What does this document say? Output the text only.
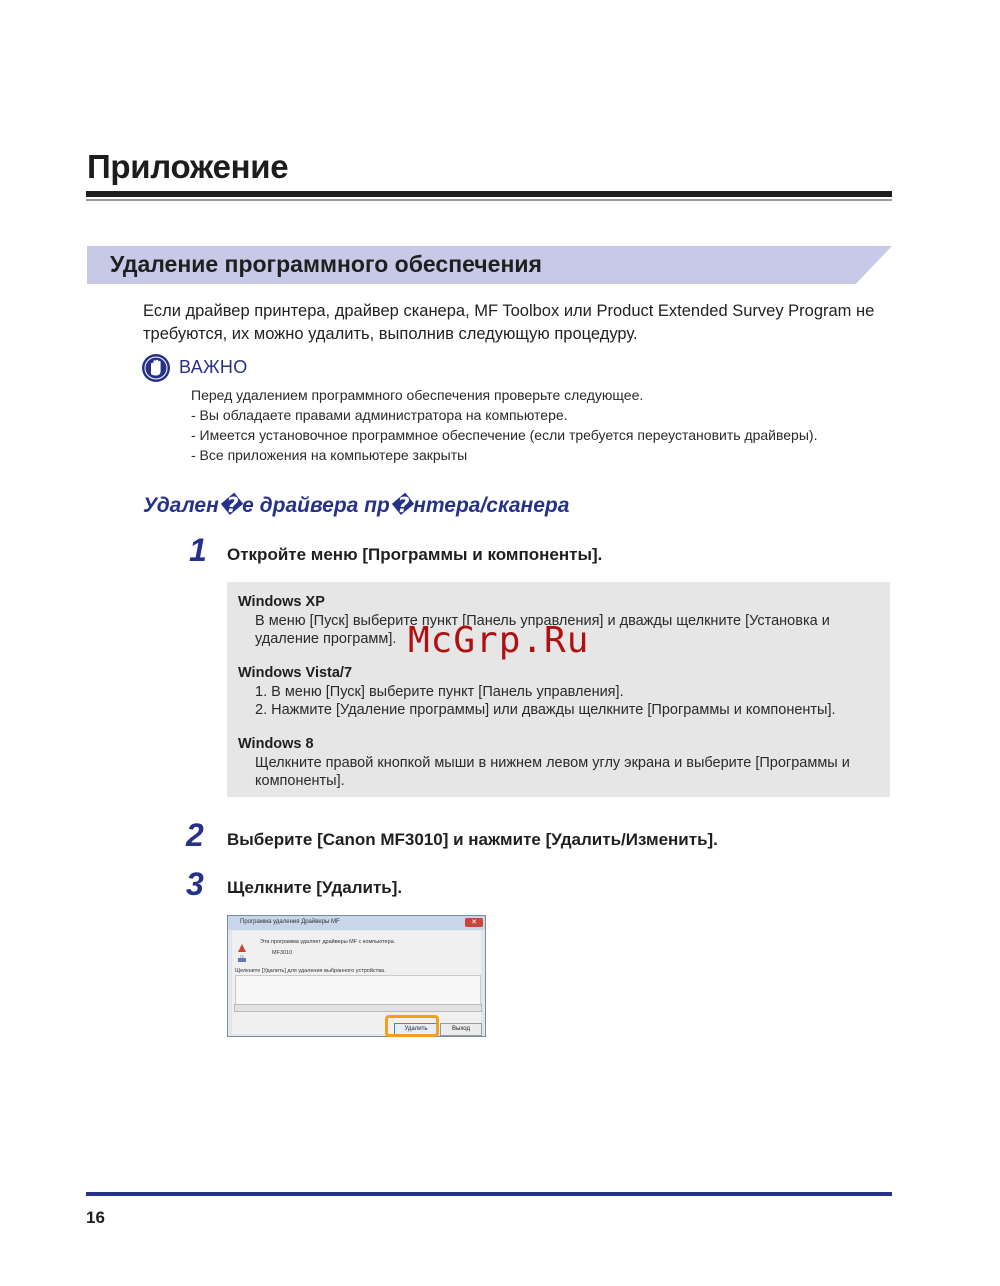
Приложение
Удаление программного обеспечения
Если драйвер принтера, драйвер сканера, MF Toolbox или Product Extended Survey Program не
требуются, их можно удалить, выполнив следующую процедуру.
ВАЖНО
Перед удалением программного обеспечения проверьте следующее.
- Вы обладаете правами администратора на компьютере.
- Имеется установочное программное обеспечение (если требуется переустановить драйверы).
- Все приложения на компьютере закрыты
Удален�е драйвера пр�нтера/сканера
1 Откройте меню [Программы и компоненты].
Windows XP
В меню [Пуск] выберите пункт [Панель управления] и дважды щелкните [Установка и
удаление программ].
Windows Vista/7
1. В меню [Пуск] выберите пункт [Панель управления].
2. Нажмите [Удаление программы] или дважды щелкните [Программы и компоненты].
Windows 8
Щелкните правой кнопкой мыши в нижнем левом углу экрана и выберите [Программы и
компоненты].
McGrp.Ru
2 Выберите [Canon MF3010] и нажмите [Удалить/Изменить].
3 Щелкните [Удалить].
Программа удаления Драйверы MF	✕
Эта программа удаляет драйверы MF с компьютера.
MF3010
Щелкните [Удалить] для удаления выбранного устройства.
Удалить	Выход
16
